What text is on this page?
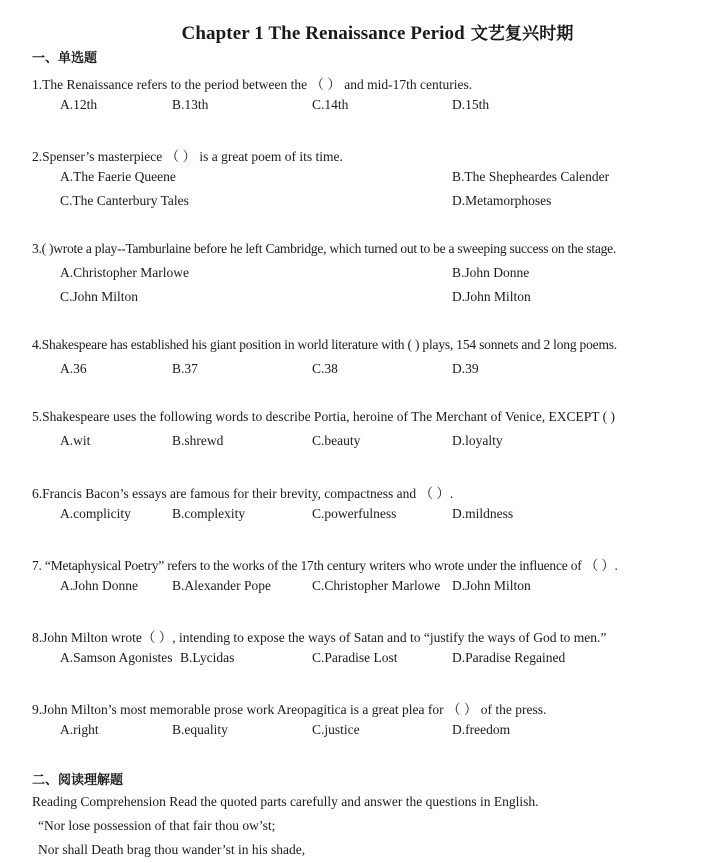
Chapter 1 The Renaissance Period 文艺复兴时期
一、单选题
1.The Renaissance refers to the period between the （ ） and mid-17th centuries.
A.12th	B.13th	C.14th	D.15th
2.Spenser’s masterpiece （ ） is a great poem of its time.
A.The Faerie Queene	B.The Shepheardes Calender
C.The Canterbury Tales	D.Metamorphoses
3.( )wrote a play--Tamburlaine before he left Cambridge, which turned out to be a sweeping success on the stage.
A.Christopher Marlowe	B.John Donne
C.John Milton	D.John Milton
4.Shakespeare has established his giant position in world literature with ( ) plays, 154 sonnets and 2 long poems.
A.36	B.37	C.38	D.39
5.Shakespeare uses the following words to describe Portia, heroine of The Merchant of Venice, EXCEPT ( )
A.wit	B.shrewd	C.beauty	D.loyalty
6.Francis Bacon’s essays are famous for their brevity, compactness and （ ）.
A.complicity	B.complexity	C.powerfulness	D.mildness
7. “Metaphysical Poetry” refers to the works of the 17th century writers who wrote under the influence of （ ）.
A.John Donne	B.Alexander Pope	C.Christopher Marlowe D.John Milton
8.John Milton wrote（ ）, intending to expose the ways of Satan and to “justify the ways of God to men.”
A.Samson Agonistes B.Lycidas	C.Paradise Lost	D.Paradise Regained
9.John Milton’s most memorable prose work Areopagitica is a great plea for （ ） of the press.
A.right	B.equality	C.justice	D.freedom
二、阅读理解题
Reading Comprehension Read the quoted parts carefully and answer the questions in English.
“Nor lose possession of that fair thou ow’st;
Nor shall Death brag thou wander’st in his shade,
